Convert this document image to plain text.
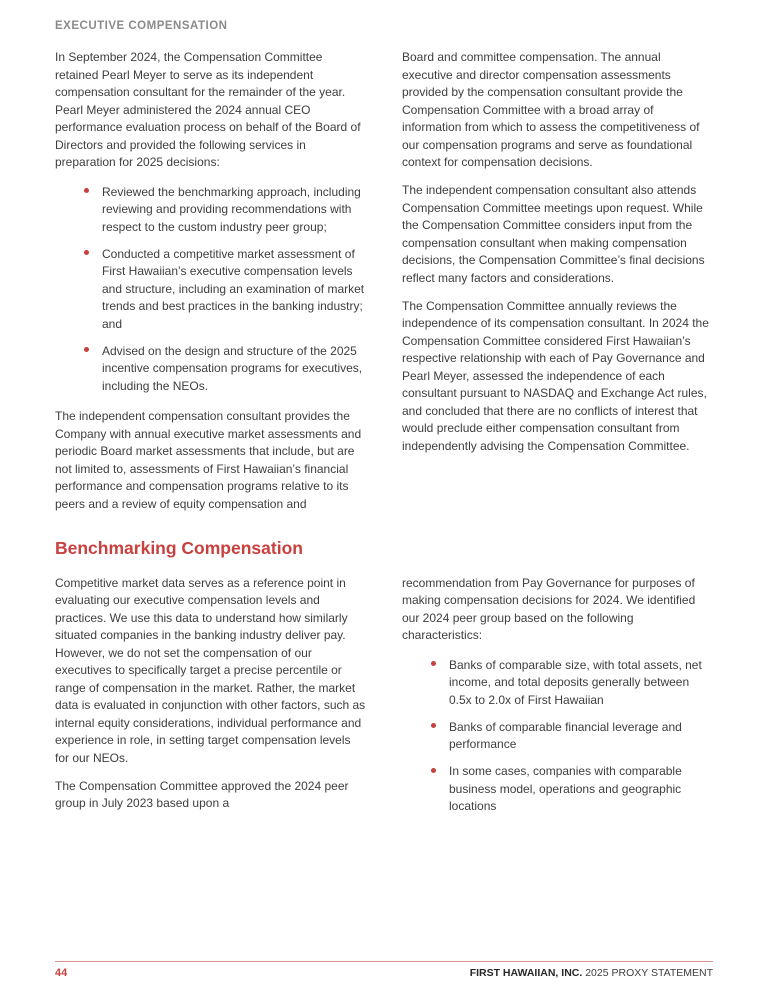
EXECUTIVE COMPENSATION

In September 2024, the Compensation Committee retained Pearl Meyer to serve as its independent compensation consultant for the remainder of the year. Pearl Meyer administered the 2024 annual CEO performance evaluation process on behalf of the Board of Directors and provided the following services in preparation for 2025 decisions:

Reviewed the benchmarking approach, including reviewing and providing recommendations with respect to the custom industry peer group;
Conducted a competitive market assessment of First Hawaiian’s executive compensation levels and structure, including an examination of market trends and best practices in the banking industry; and
Advised on the design and structure of the 2025 incentive compensation programs for executives, including the NEOs.

The independent compensation consultant provides the Company with annual executive market assessments and periodic Board market assessments that include, but are not limited to, assessments of First Hawaiian’s financial performance and compensation programs relative to its peers and a review of equity compensation and

Board and committee compensation. The annual executive and director compensation assessments provided by the compensation consultant provide the Compensation Committee with a broad array of information from which to assess the competitiveness of our compensation programs and serve as foundational context for compensation decisions.

The independent compensation consultant also attends Compensation Committee meetings upon request. While the Compensation Committee considers input from the compensation consultant when making compensation decisions, the Compensation Committee’s final decisions reflect many factors and considerations.

The Compensation Committee annually reviews the independence of its compensation consultant. In 2024 the Compensation Committee considered First Hawaiian’s respective relationship with each of Pay Governance and Pearl Meyer, assessed the independence of each consultant pursuant to NASDAQ and Exchange Act rules, and concluded that there are no conflicts of interest that would preclude either compensation consultant from independently advising the Compensation Committee.

Benchmarking Compensation

Competitive market data serves as a reference point in evaluating our executive compensation levels and practices. We use this data to understand how similarly situated companies in the banking industry deliver pay. However, we do not set the compensation of our executives to specifically target a precise percentile or range of compensation in the market. Rather, the market data is evaluated in conjunction with other factors, such as internal equity considerations, individual performance and experience in role, in setting target compensation levels for our NEOs.

The Compensation Committee approved the 2024 peer group in July 2023 based upon a

recommendation from Pay Governance for purposes of making compensation decisions for 2024. We identified our 2024 peer group based on the following characteristics:

Banks of comparable size, with total assets, net income, and total deposits generally between 0.5x to 2.0x of First Hawaiian
Banks of comparable financial leverage and performance
In some cases, companies with comparable business model, operations and geographic locations
44	FIRST HAWAIIAN, INC. 2025 PROXY STATEMENT
